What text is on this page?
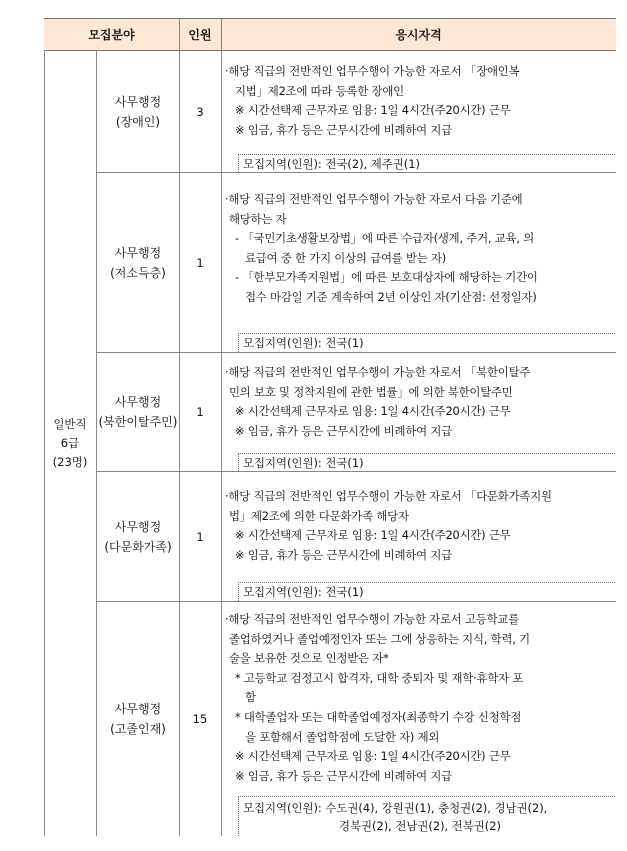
모집분야	인원	응시자격
일반직
6급
(23명)
사무행정
(장애인)
3
·해당 직급의 전반적인 업무수행이 가능한 자로서 「장애인복
지법」제2조에 따라 등록한 장애인
※ 시간선택제 근무자로 임용: 1일 4시간(주20시간) 근무
※ 임금, 휴가 등은 근무시간에 비례하여 지급
모집지역(인원): 전국(2), 제주권(1)
사무행정
(저소득층)
1
·해당 직급의 전반적인 업무수행이 가능한 자로서 다음 기준에
해당하는 자
- 「국민기초생활보장법」에 따른 수급자(생계, 주거, 교육, 의
료급여 중 한 가지 이상의 급여를 받는 자)
- 「한부모가족지원법」에 따른 보호대상자에 해당하는 기간이
접수 마감일 기준 계속하여 2년 이상인 자(기산점: 선정일자)
모집지역(인원): 전국(1)
사무행정
(북한이탈주민)
1
·해당 직급의 전반적인 업무수행이 가능한 자로서 「북한이탈주
민의 보호 및 정착지원에 관한 법률」에 의한 북한이탈주민
※ 시간선택제 근무자로 임용: 1일 4시간(주20시간) 근무
※ 임금, 휴가 등은 근무시간에 비례하여 지급
모집지역(인원): 전국(1)
사무행정
(다문화가족)
1
·해당 직급의 전반적인 업무수행이 가능한 자로서 「다문화가족지원
법」제2조에 의한 다문화가족 해당자
※ 시간선택제 근무자로 임용: 1일 4시간(주20시간) 근무
※ 임금, 휴가 등은 근무시간에 비례하여 지급
모집지역(인원): 전국(1)
사무행정
(고졸인재)
15
·해당 직급의 전반적인 업무수행이 가능한 자로서 고등학교를
졸업하였거나 졸업예정인자 또는 그에 상응하는 지식, 학력, 기
술을 보유한 것으로 인정받은 자*
* 고등학교 검정고시 합격자, 대학 중퇴자 및 재학·휴학자 포
함
* 대학졸업자 또는 대학졸업예정자(최종학기 수강 신청학점
을 포함해서 졸업학점에 도달한 자) 제외
※ 시간선택제 근무자로 임용: 1일 4시간(주20시간) 근무
※ 임금, 휴가 등은 근무시간에 비례하여 지급
모집지역(인원): 수도권(4), 강원권(1), 충청권(2), 경남권(2),
경북권(2), 전남권(2), 전북권(2)
